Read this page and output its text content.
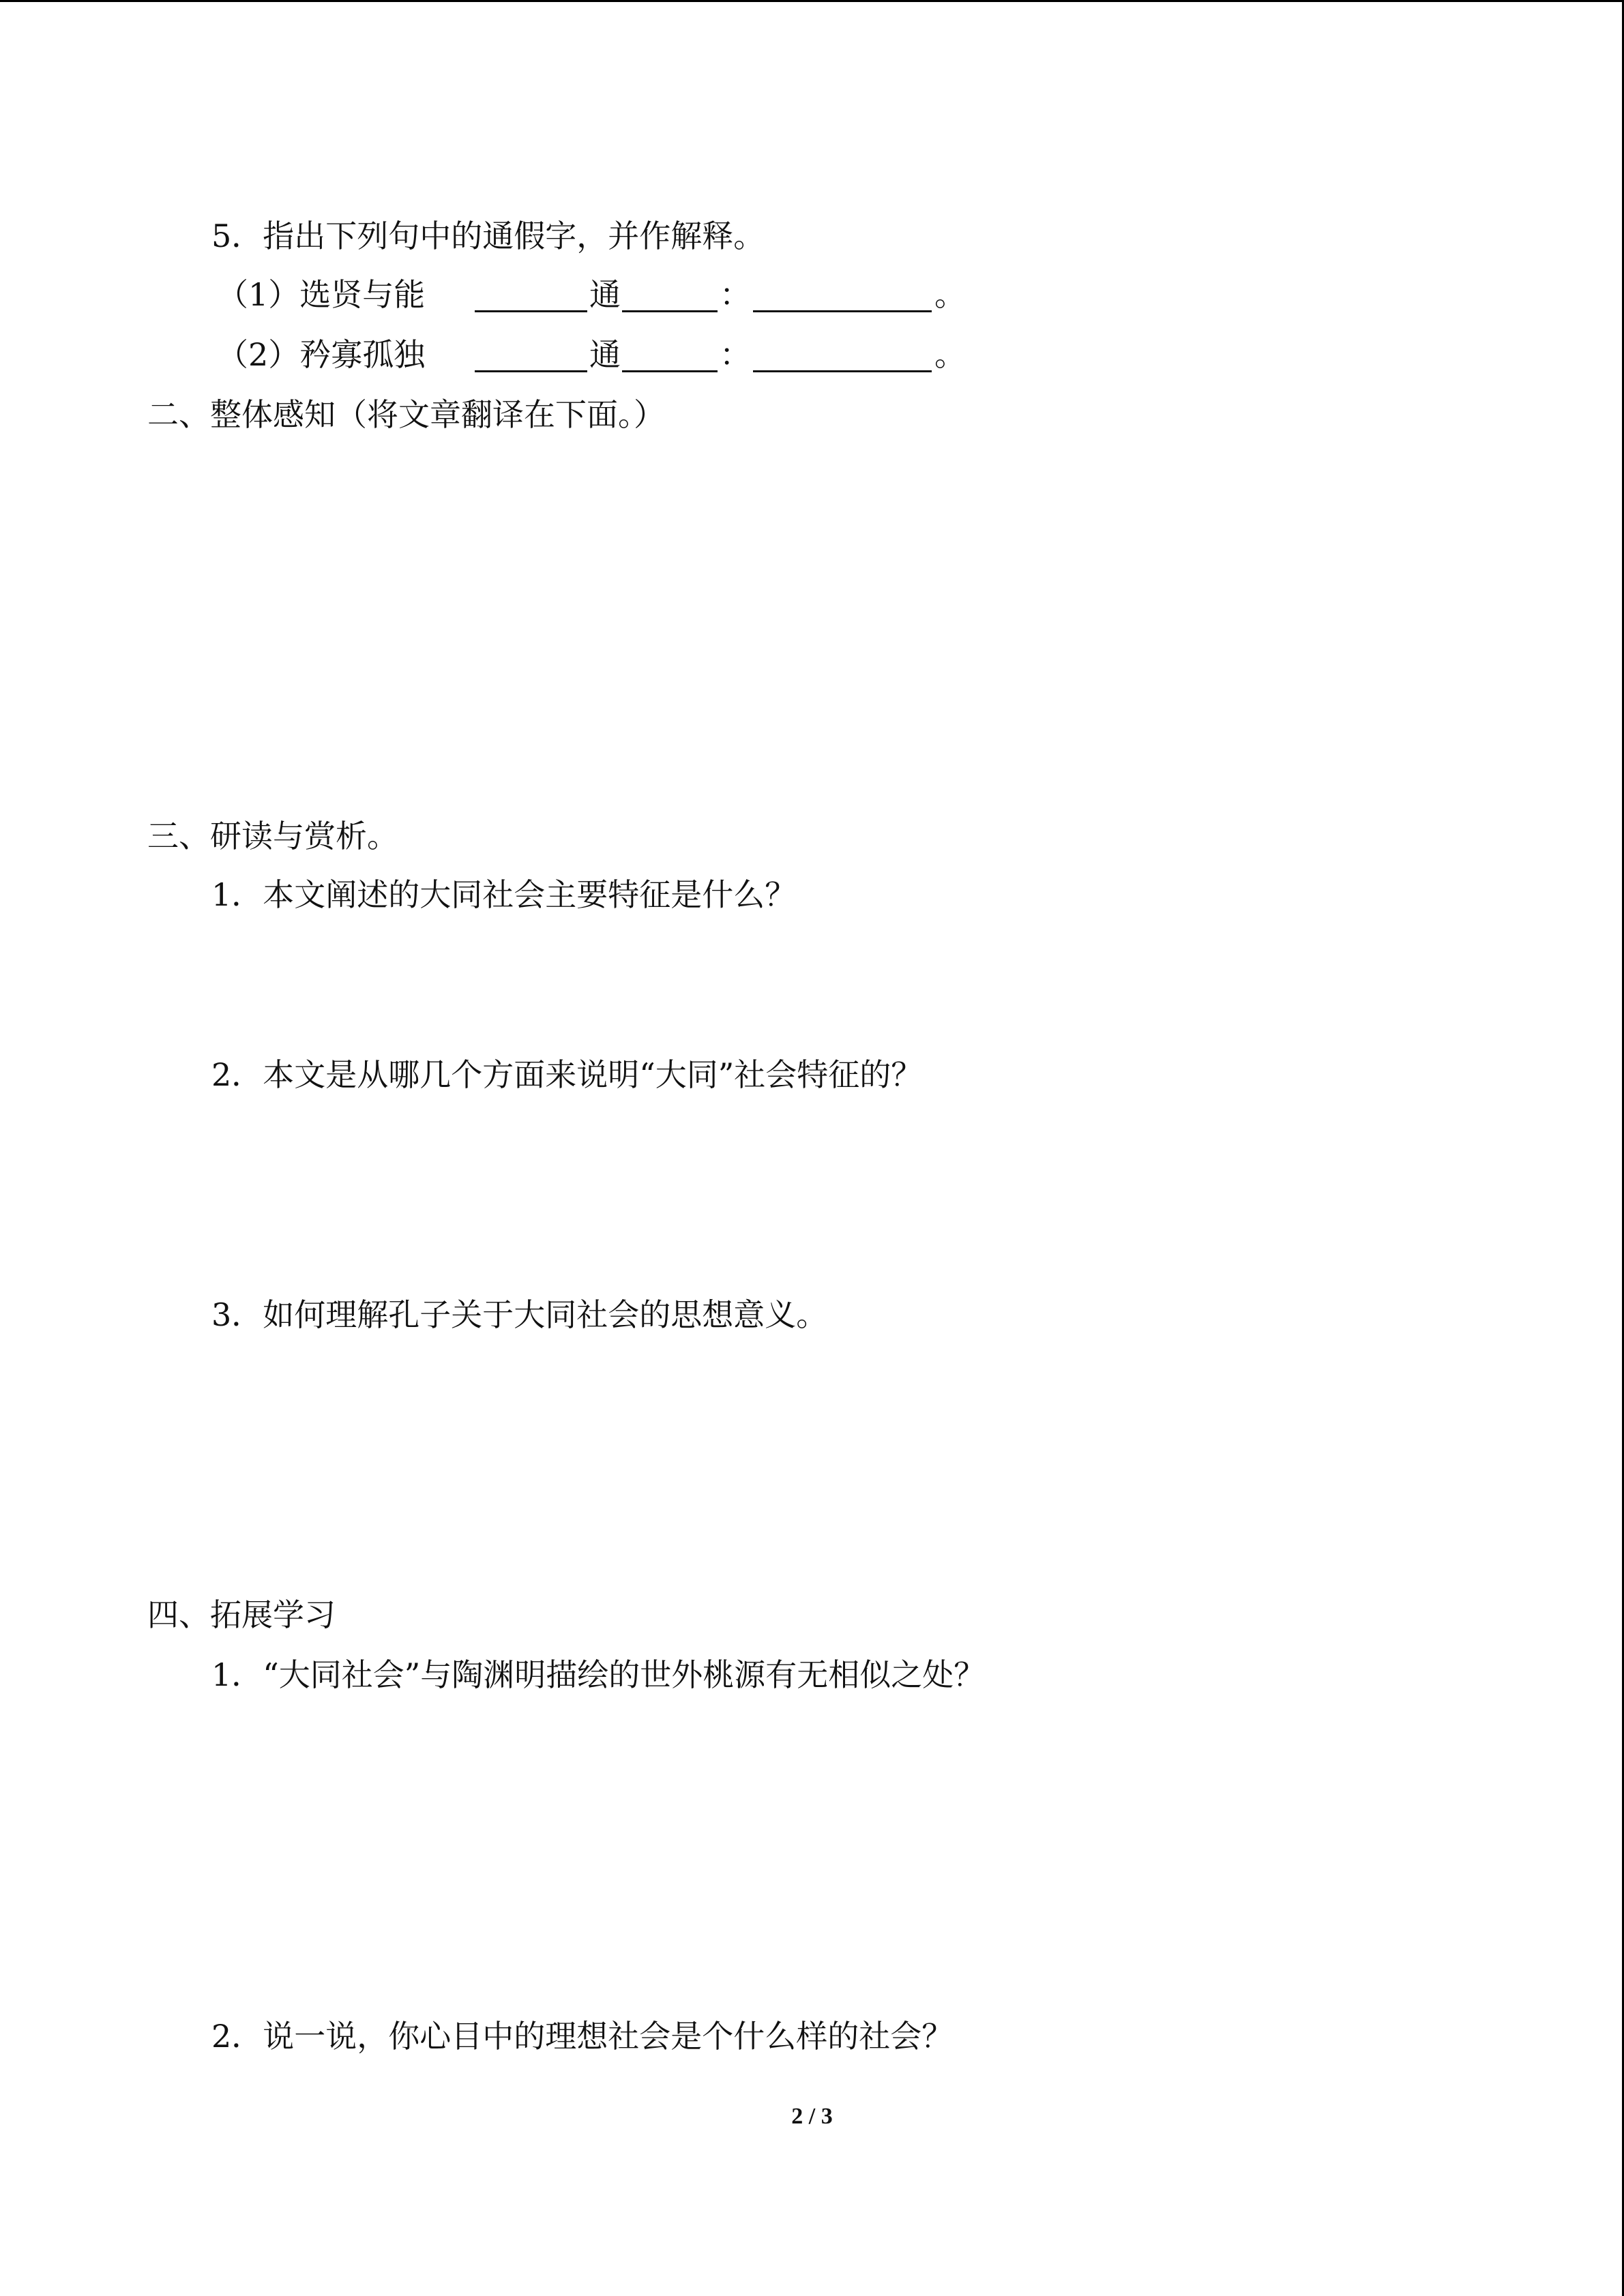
5．指出下列句中的通假字，并作解释。
（1）选贤与能	通	：	。
（2）矜寡孤独	通	：	。
二、整体感知（将文章翻译在下面。）
三、研读与赏析。
1．本文阐述的大同社会主要特征是什么？
2．本文是从哪几个方面来说明“大同”社会特征的？
3．如何理解孔子关于大同社会的思想意义。
四、拓展学习
1．“大同社会”与陶渊明描绘的世外桃源有无相似之处？
2．说一说，你心目中的理想社会是个什么样的社会？
2 / 3
